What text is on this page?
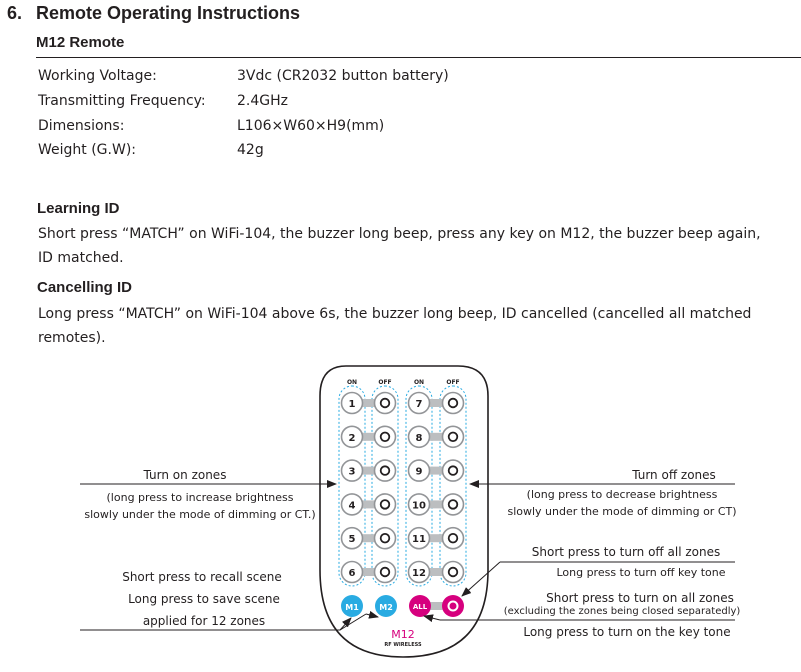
6. Remote Operating Instructions
M12 Remote
Working Voltage:	3Vdc (CR2032 button battery)
Transmitting Frequency: 2.4GHz
Dimensions:	L106×W60×H9(mm)
Weight (G.W):	42g
Learning ID
Short press “MATCH” on WiFi-104, the buzzer long beep, press any key on M12, the buzzer beep again,
ID matched.
Cancelling ID
Long press “MATCH” on WiFi-104 above 6s, the buzzer long beep, ID cancelled (cancelled all matched
remotes).
ON	OFF	ON	OFF
1	7
2	8
3	9
4	10
5	11
6	12
M1	M2	ALL
M12
RF WIRELESS
Turn on zones
(long press to increase brightness
slowly under the mode of dimming or CT.)
Short press to recall scene
Long press to save scene
applied for 12 zones
Turn off zones
(long press to decrease brightness
slowly under the mode of dimming or CT)
Short press to turn off all zones
Long press to turn off key tone
Short press to turn on all zones
(excluding the zones being closed separatedly)
Long press to turn on the key tone
